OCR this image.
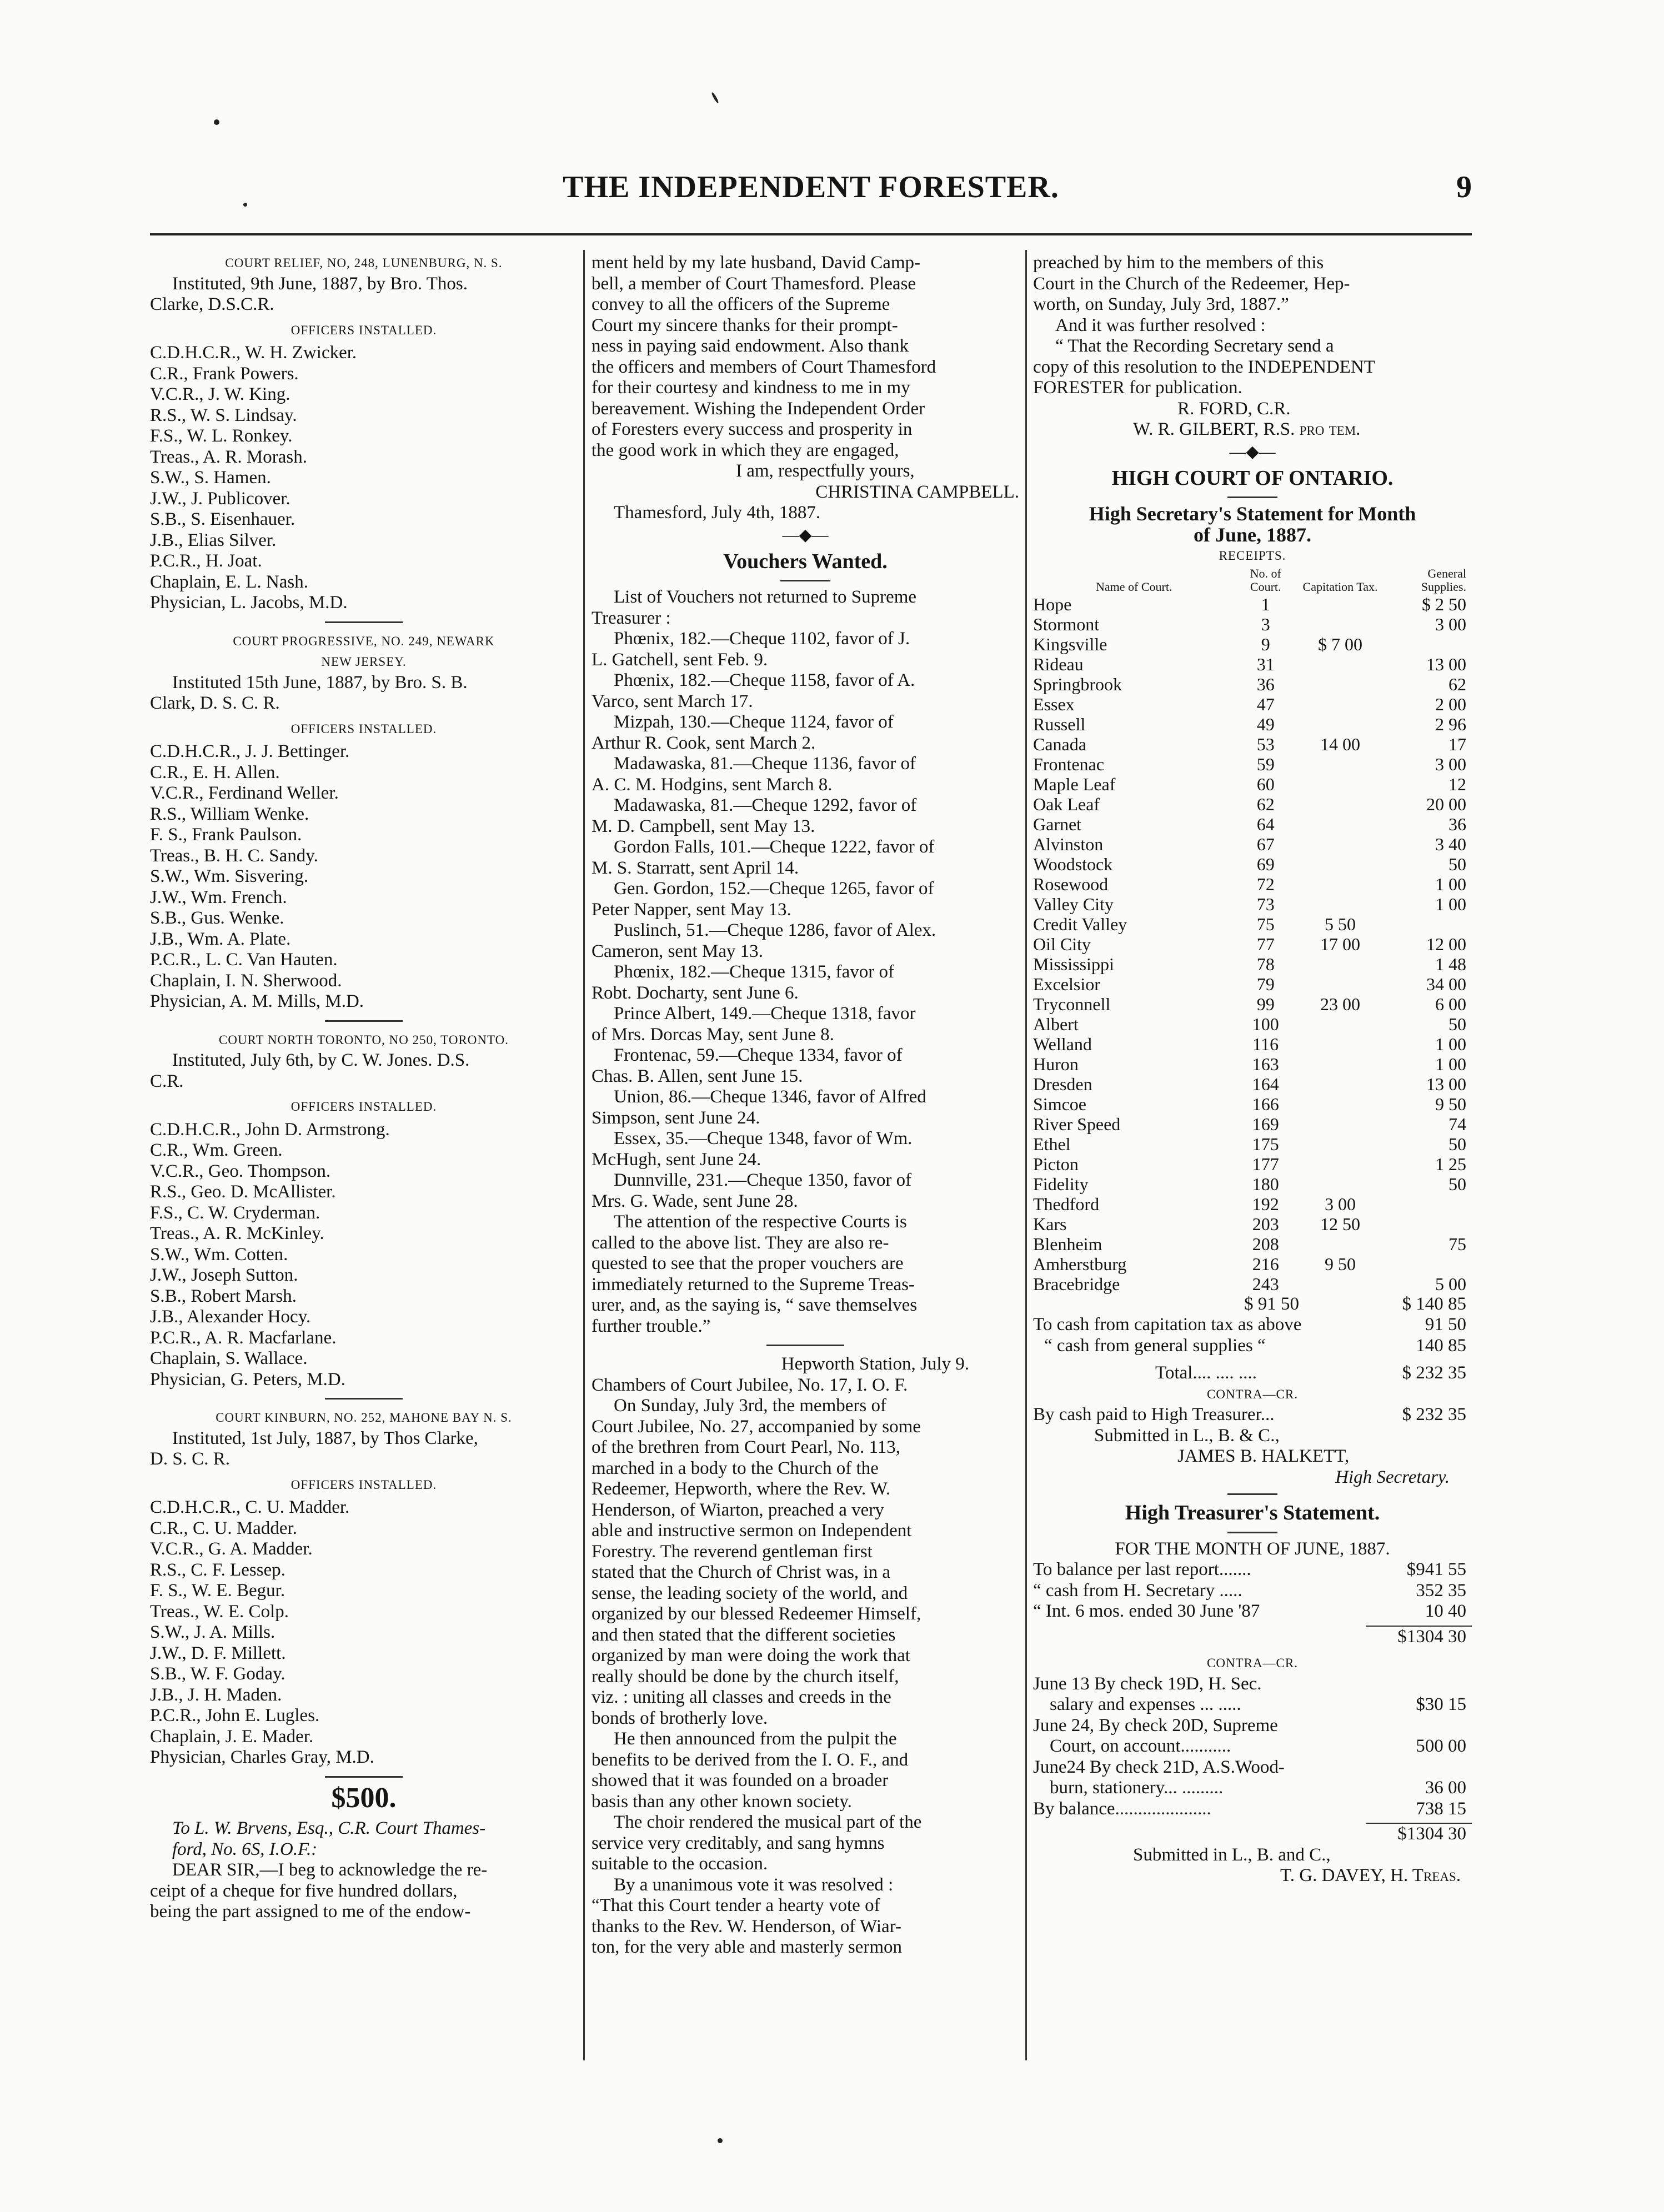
THE INDEPENDENT FORESTER.	9
COURT RELIEF, NO, 248, LUNENBURG, N. S.
Instituted, 9th June, 1887, by Bro. Thos.
Clarke, D.S.C.R.
OFFICERS INSTALLED.
C.D.H.C.R., W. H. Zwicker.
C.R., Frank Powers.
V.C.R., J. W. King.
R.S., W. S. Lindsay.
F.S., W. L. Ronkey.
Treas., A. R. Morash.
S.W., S. Hamen.
J.W., J. Publicover.
S.B., S. Eisenhauer.
J.B., Elias Silver.
P.C.R., H. Joat.
Chaplain, E. L. Nash.
Physician, L. Jacobs, M.D.
COURT PROGRESSIVE, NO. 249, NEWARK
NEW JERSEY.
Instituted 15th June, 1887, by Bro. S. B.
Clark, D. S. C. R.
OFFICERS INSTALLED.
C.D.H.C.R., J. J. Bettinger.
C.R., E. H. Allen.
V.C.R., Ferdinand Weller.
R.S., William Wenke.
F. S., Frank Paulson.
Treas., B. H. C. Sandy.
S.W., Wm. Sisvering.
J.W., Wm. French.
S.B., Gus. Wenke.
J.B., Wm. A. Plate.
P.C.R., L. C. Van Hauten.
Chaplain, I. N. Sherwood.
Physician, A. M. Mills, M.D.
COURT NORTH TORONTO, NO 250, TORONTO.
Instituted, July 6th, by C. W. Jones. D.S.
C.R.
OFFICERS INSTALLED.
C.D.H.C.R., John D. Armstrong.
C.R., Wm. Green.
V.C.R., Geo. Thompson.
R.S., Geo. D. McAllister.
F.S., C. W. Cryderman.
Treas., A. R. McKinley.
S.W., Wm. Cotten.
J.W., Joseph Sutton.
S.B., Robert Marsh.
J.B., Alexander Hocy.
P.C.R., A. R. Macfarlane.
Chaplain, S. Wallace.
Physician, G. Peters, M.D.
COURT KINBURN, NO. 252, MAHONE BAY N. S.
Instituted, 1st July, 1887, by Thos Clarke,
D. S. C. R.
OFFICERS INSTALLED.
C.D.H.C.R., C. U. Madder.
C.R., C. U. Madder.
V.C.R., G. A. Madder.
R.S., C. F. Lessep.
F. S., W. E. Begur.
Treas., W. E. Colp.
S.W., J. A. Mills.
J.W., D. F. Millett.
S.B., W. F. Goday.
J.B., J. H. Maden.
P.C.R., John E. Lugles.
Chaplain, J. E. Mader.
Physician, Charles Gray, M.D.
$500.
To L. W. Brvens, Esq., C.R. Court Thames-
ford, No. 6S, I.O.F.:
DEAR SIR,—I beg to acknowledge the re-
ceipt of a cheque for five hundred dollars,
being the part assigned to me of the endow-
ment held by my late husband, David Camp-
bell, a member of Court Thamesford. Please
convey to all the officers of the Supreme
Court my sincere thanks for their prompt-
ness in paying said endowment. Also thank
the officers and members of Court Thamesford
for their courtesy and kindness to me in my
bereavement. Wishing the Independent Order
of Foresters every success and prosperity in
the good work in which they are engaged,
I am, respectfully yours,
CHRISTINA CAMPBELL.
Thamesford, July 4th, 1887.
—◆—
Vouchers Wanted.
List of Vouchers not returned to Supreme
Treasurer :
Phœnix, 182.—Cheque 1102, favor of J.
L. Gatchell, sent Feb. 9.
Phœnix, 182.—Cheque 1158, favor of A.
Varco, sent March 17.
Mizpah, 130.—Cheque 1124, favor of
Arthur R. Cook, sent March 2.
Madawaska, 81.—Cheque 1136, favor of
A. C. M. Hodgins, sent March 8.
Madawaska, 81.—Cheque 1292, favor of
M. D. Campbell, sent May 13.
Gordon Falls, 101.—Cheque 1222, favor of
M. S. Starratt, sent April 14.
Gen. Gordon, 152.—Cheque 1265, favor of
Peter Napper, sent May 13.
Puslinch, 51.—Cheque 1286, favor of Alex.
Cameron, sent May 13.
Phœnix, 182.—Cheque 1315, favor of
Robt. Docharty, sent June 6.
Prince Albert, 149.—Cheque 1318, favor
of Mrs. Dorcas May, sent June 8.
Frontenac, 59.—Cheque 1334, favor of
Chas. B. Allen, sent June 15.
Union, 86.—Cheque 1346, favor of Alfred
Simpson, sent June 24.
Essex, 35.—Cheque 1348, favor of Wm.
McHugh, sent June 24.
Dunnville, 231.—Cheque 1350, favor of
Mrs. G. Wade, sent June 28.
The attention of the respective Courts is
called to the above list. They are also re-
quested to see that the proper vouchers are
immediately returned to the Supreme Treas-
urer, and, as the saying is, “ save themselves
further trouble.”
Hepworth Station, July 9.
Chambers of Court Jubilee, No. 17, I. O. F.
On Sunday, July 3rd, the members of
Court Jubilee, No. 27, accompanied by some
of the brethren from Court Pearl, No. 113,
marched in a body to the Church of the
Redeemer, Hepworth, where the Rev. W.
Henderson, of Wiarton, preached a very
able and instructive sermon on Independent
Forestry. The reverend gentleman first
stated that the Church of Christ was, in a
sense, the leading society of the world, and
organized by our blessed Redeemer Himself,
and then stated that the different societies
organized by man were doing the work that
really should be done by the church itself,
viz. : uniting all classes and creeds in the
bonds of brotherly love.
He then announced from the pulpit the
benefits to be derived from the I. O. F., and
showed that it was founded on a broader
basis than any other known society.
The choir rendered the musical part of the
service very creditably, and sang hymns
suitable to the occasion.
By a unanimous vote it was resolved :
“That this Court tender a hearty vote of
thanks to the Rev. W. Henderson, of Wiar-
ton, for the very able and masterly sermon
preached by him to the members of this
Court in the Church of the Redeemer, Hep-
worth, on Sunday, July 3rd, 1887.”
And it was further resolved :
“ That the Recording Secretary send a
copy of this resolution to the INDEPENDENT
FORESTER for publication.
R. FORD, C.R.
W. R. GILBERT, R.S. pro tem.
—◆—
HIGH COURT OF ONTARIO.
High Secretary's Statement for Month
of June, 1887.
RECEIPTS.
Name of Court.	No. of Court.	Capitation Tax.	General Supplies.
Hope	1		$ 2 50
Stormont	3		3 00
Kingsville	9	$ 7 00	
Rideau	31		13 00
Springbrook	36		62
Essex	47		2 00
Russell	49		2 96
Canada	53	14 00	17
Frontenac	59		3 00
Maple Leaf	60		12
Oak Leaf	62		20 00
Garnet	64		36
Alvinston	67		3 40
Woodstock	69		50
Rosewood	72		1 00
Valley City	73		1 00
Credit Valley	75	5 50	
Oil City	77	17 00	12 00
Mississippi	78		1 48
Excelsior	79		34 00
Tryconnell	99	23 00	6 00
Albert	100		50
Welland	116		1 00
Huron	163		1 00
Dresden	164		13 00
Simcoe	166		9 50
River Speed	169		74
Ethel	175		50
Picton	177		1 25
Fidelity	180		50
Thedford	192	3 00	
Kars	203	12 50	
Blenheim	208		75
Amherstburg	216	9 50	
Bracebridge	243		5 00
$ 91 50	$ 140 85
To cash from capitation tax as above	91 50
“ cash from general supplies “	140 85
Total.... .... ....	$ 232 35
CONTRA—CR.
By cash paid to High Treasurer...	$ 232 35
Submitted in L., B. & C.,
JAMES B. HALKETT,
High Secretary.
High Treasurer's Statement.
FOR THE MONTH OF JUNE, 1887.
To balance per last report.......	$941 55
“ cash from H. Secretary .....	352 35
“ Int. 6 mos. ended 30 June '87	10 40
$1304 30
CONTRA—CR.
June 13 By check 19D, H. Sec.
salary and expenses ... .....	$30 15
June 24, By check 20D, Supreme
Court, on account...........	500 00
June24 By check 21D, A.S.Wood-
burn, stationery... .........	36 00
By balance.....................	738 15
$1304 30
Submitted in L., B. and C.,
T. G. DAVEY, H. Treas.
